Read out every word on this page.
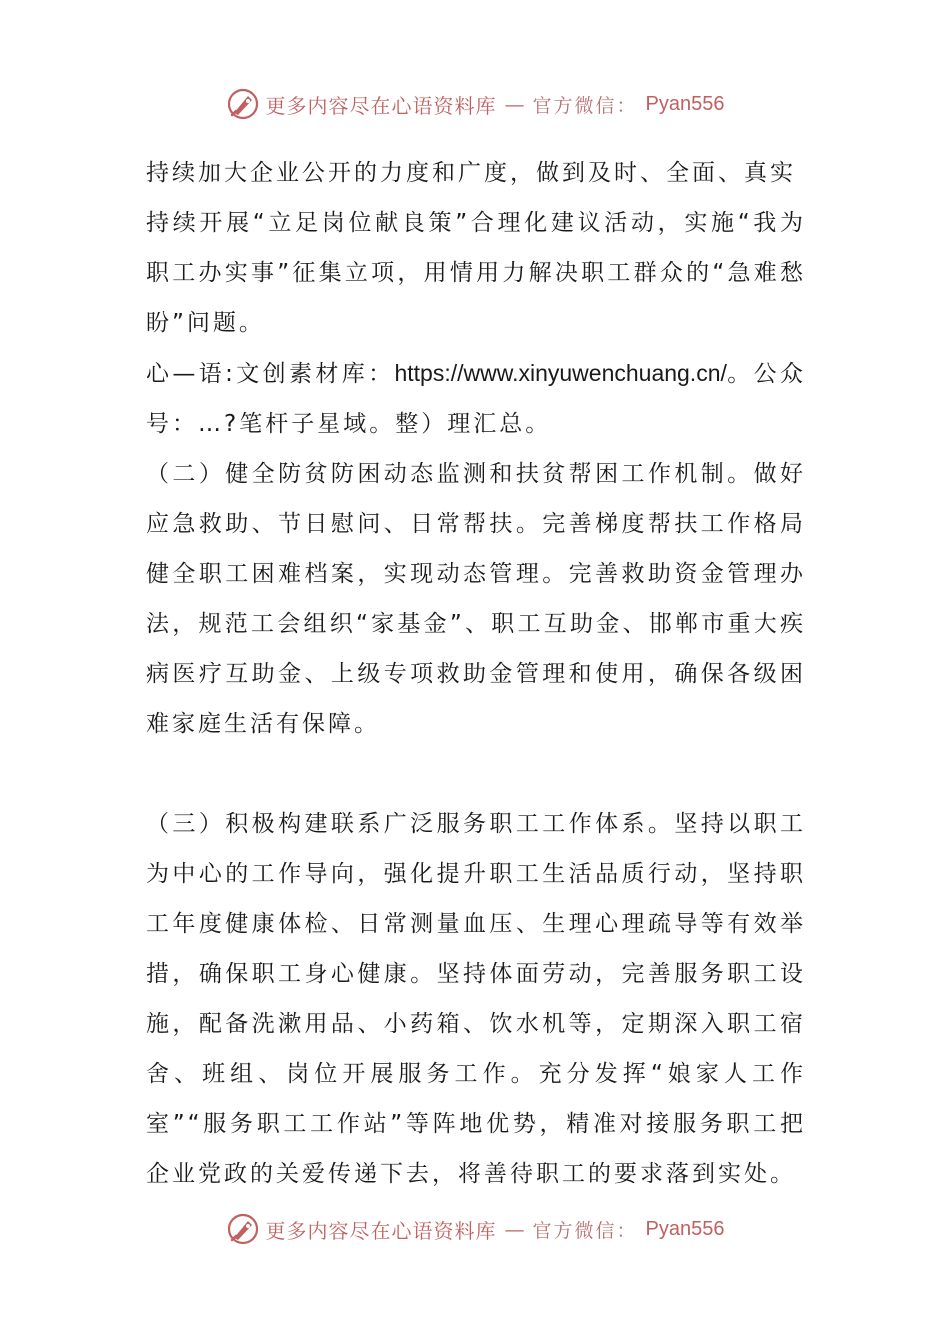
更多内容尽在心语资料库 — 官方微信： Pyan556

持续加大企业公开的力度和广度，做到及时、全面、真实

持续开展“立足岗位献良策”合理化建议活动，实施“我为职工办实事”征集立项，用情用力解决职工群众的“急难愁盼”问题。

心—语:文创素材库：https://www.xinyuwenchuang.cn/。公众号：…?笔杆子星域。整）理汇总。

（二）健全防贫防困动态监测和扶贫帮困工作机制。做好应急救助、节日慰问、日常帮扶。完善梯度帮扶工作格局健全职工困难档案，实现动态管理。完善救助资金管理办法，规范工会组织“家基金”、职工互助金、邯郸市重大疾病医疗互助金、上级专项救助金管理和使用，确保各级困难家庭生活有保障。

（三）积极构建联系广泛服务职工工作体系。坚持以职工为中心的工作导向，强化提升职工生活品质行动，坚持职工年度健康体检、日常测量血压、生理心理疏导等有效举措，确保职工身心健康。坚持体面劳动，完善服务职工设施，配备洗漱用品、小药箱、饮水机等，定期深入职工宿舍、班组、岗位开展服务工作。充分发挥“娘家人工作室”“服务职工工作站”等阵地优势，精准对接服务职工把企业党政的关爱传递下去，将善待职工的要求落到实处。

更多内容尽在心语资料库 — 官方微信： Pyan556
